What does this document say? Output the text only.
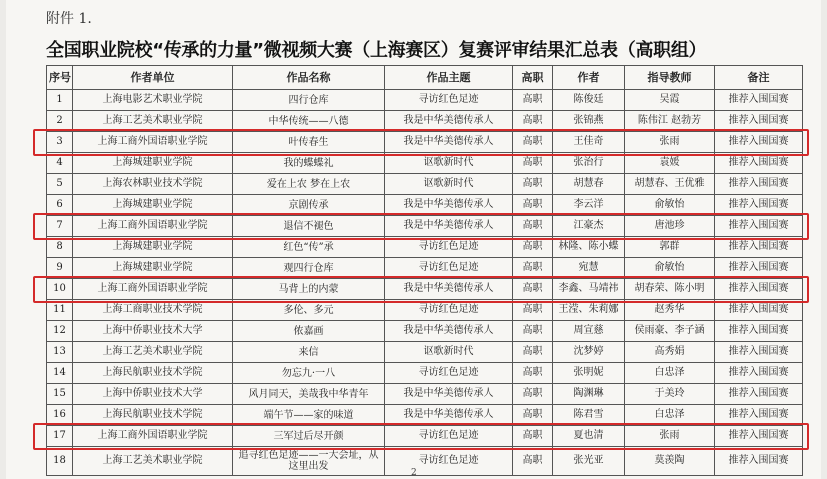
附件 1.
全国职业院校“传承的力量”微视频大赛（上海赛区）复赛评审结果汇总表（高职组）
序号	作者单位	作品名称	作品主题	高职	作者	指导教师	备注
1	上海电影艺术职业学院	四行仓库	寻访红色足迹	高职	陈俊廷	吴霞	推荐入围国赛
2	上海工艺美术职业学院	中华传统——八德	我是中华美德传承人	高职	张锦燕	陈伟江 赵勃芳	推荐入围国赛
3	上海工商外国语职业学院	叶传春生	我是中华美德传承人	高职	王佳奇	张雨	推荐入围国赛
4	上海城建职业学院	我的蝶蝶礼	讴歌新时代	高职	张治行	袁媛	推荐入围国赛
5	上海农林职业技术学院	爱在上农 梦在上农	讴歌新时代	高职	胡慧春	胡慧春、王优雅	推荐入围国赛
6	上海城建职业学院	京剧传承	我是中华美德传承人	高职	李云洋	俞敏怡	推荐入围国赛
7	上海工商外国语职业学院	退信不褪色	我是中华美德传承人	高职	江豪杰	唐池珍	推荐入围国赛
8	上海城建职业学院	红色“传”承	寻访红色足迹	高职	林隆、陈小蝶	郭群	推荐入围国赛
9	上海城建职业学院	观四行仓库	寻访红色足迹	高职	宛慧	俞敏怡	推荐入围国赛
10	上海工商外国语职业学院	马背上的内蒙	我是中华美德传承人	高职	李鑫、马靖祎	胡春荣、陈小明	推荐入围国赛
11	上海工商职业技术学院	多伦、多元	寻访红色足迹	高职	王滢、朱莉娜	赵秀华	推荐入围国赛
12	上海中侨职业技术大学	侬嘉画	我是中华美德传承人	高职	周宣慈	侯雨豪、李子涵	推荐入围国赛
13	上海工艺美术职业学院	来信	讴歌新时代	高职	沈梦婷	高秀娟	推荐入围国赛
14	上海民航职业技术学院	勿忘九·一八	寻访红色足迹	高职	张明妮	白忠泽	推荐入围国赛
15	上海中侨职业技术大学	风月同天，美哉我中华青年	我是中华美德传承人	高职	陶渊琳	于美玲	推荐入围国赛
16	上海民航职业技术学院	端午节——家的味道	我是中华美德传承人	高职	陈君雪	白忠泽	推荐入围国赛
17	上海工商外国语职业学院	三军过后尽开颜	寻访红色足迹	高职	夏也清	张雨	推荐入围国赛
18	上海工艺美术职业学院	追寻红色足迹——一大会址，从这里出发	寻访红色足迹	高职	张光亚	莫羡陶	推荐入围国赛
2
